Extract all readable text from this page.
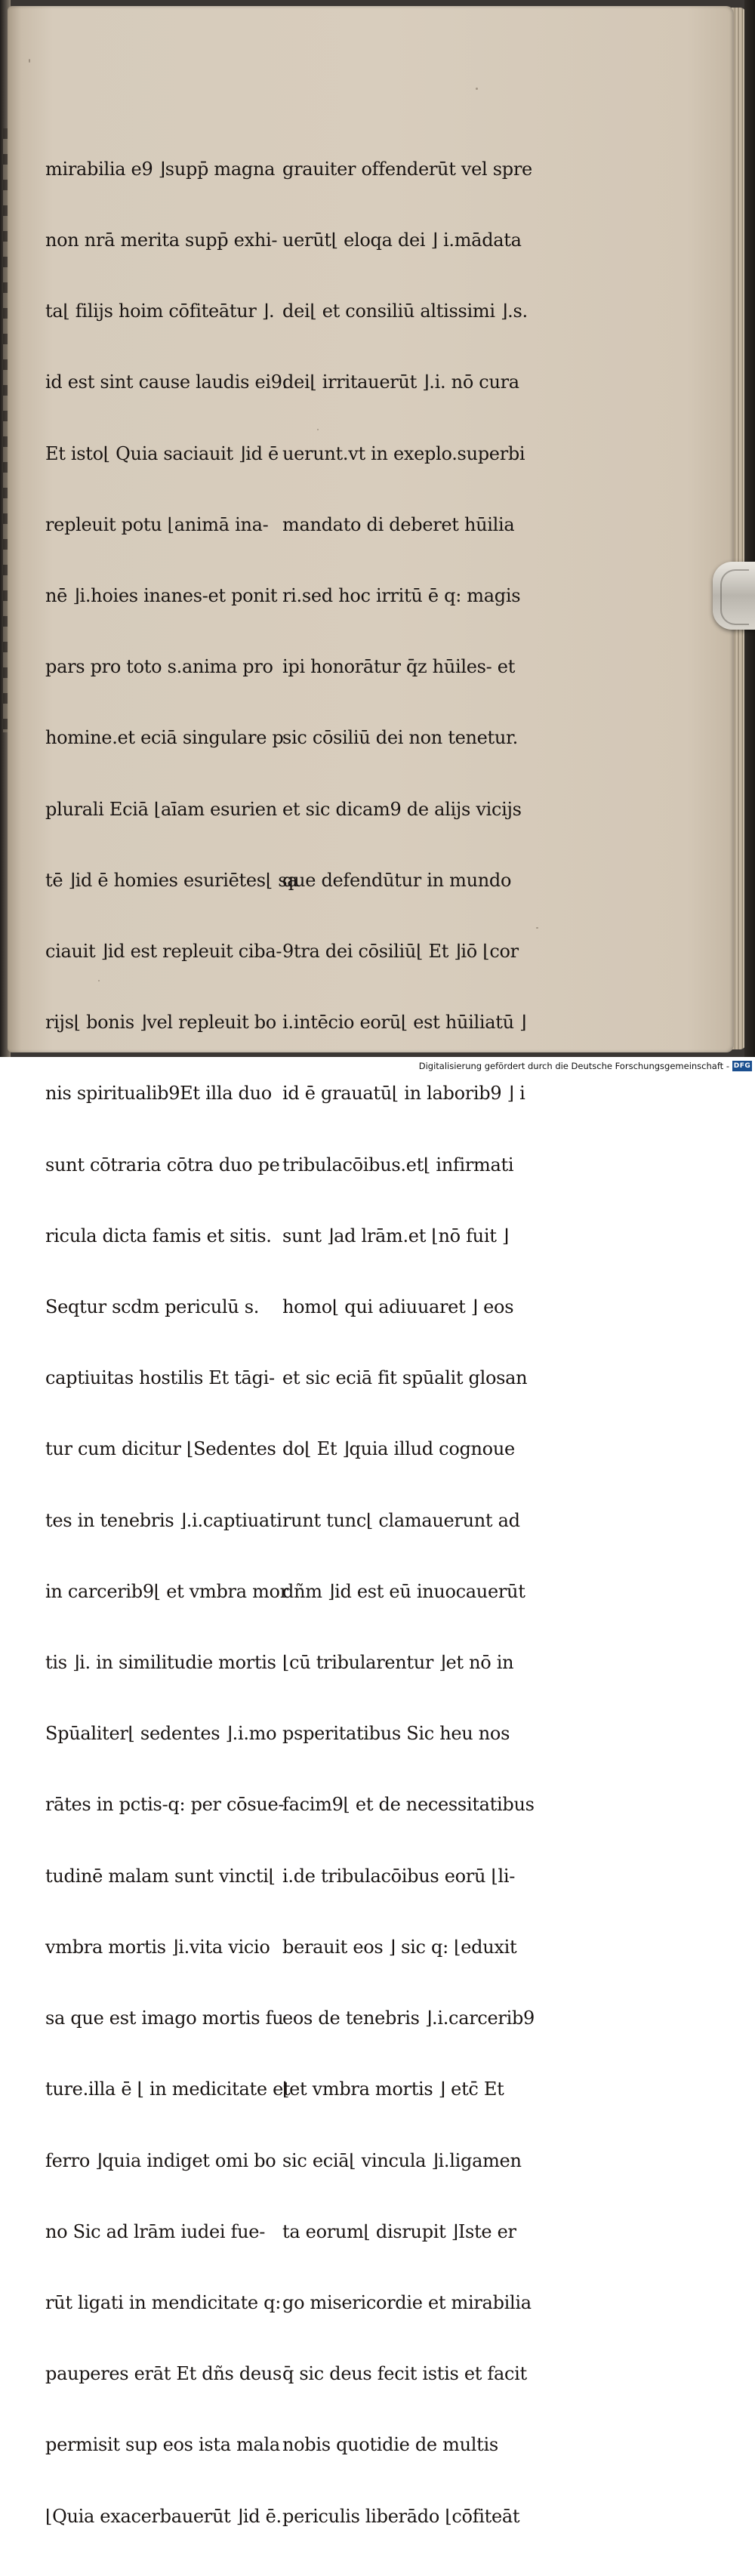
mirabilia e9 ⌋supp̄ magna

non nrā merita supp̄ exhi-

ta⌊ filijs hoim cōfiteātur ⌋.

id est sint cause laudis ei9.

Et isto⌊ Quia saciauit ⌋id ē

repleuit potu ⌊animā ina-

nē ⌋i.hoies inanes-et ponit

pars pro toto s.anima pro

homine.et eciā singulare p

plurali Eciā ⌊aīam esurien

tē ⌋id ē homies esuriētes⌊ sa

ciauit ⌋id est repleuit ciba-

rijs⌊ bonis ⌋vel repleuit bo

nis spiritualib9Et illa duo

sunt cōtraria cōtra duo pe

ricula dicta famis et sitis.

Seqtur scdm periculū s.

captiuitas hostilis Et tāgi-

tur cum dicitur ⌊Sedentes

tes in tenebris ⌋.i.captiuati

in carcerib9⌊ et vmbra mor

tis ⌋i. in similitudie mortis

Spūaliter⌊ sedentes ⌋.i.mo

rātes in pctis-q: per cōsue-

tudinē malam sunt vincti⌊

vmbra mortis ⌋i.vita vicio

sa que est imago mortis fu

ture.illa ē ⌊ in medicitate et

ferro ⌋quia indiget omi bo

no Sic ad lrām iudei fue-

rūt ligati in mendicitate q:

pauperes erāt Et dñs deus

permisit sup eos ista mala

⌊Quia exacerbauerūt ⌋id ē.

grauiter offenderūt vel spre

uerūt⌊ eloqa dei ⌋ i.mādata

dei⌊ et consiliū altissimi ⌋.s.

dei⌊ irritauerūt ⌋.i. nō cura

uerunt.vt in exeplo.superbi

mandato di deberet hūilia

ri.sed hoc irritū ē q: magis

ipi honorātur q̄z hūiles- et

sic cōsiliū dei non tenetur.

et sic dicam9 de alijs vicijs

que defendūtur in mundo

9tra dei cōsiliū⌊ Et ⌋iō ⌊cor

i.intēcio eorū⌊ est hūiliatū ⌋

id ē grauatū⌊ in laborib9 ⌋ i

tribulacōibus.et⌊ infirmati

sunt ⌋ad lrām.et ⌊nō fuit ⌋

homo⌊ qui adiuuaret ⌋ eos

et sic eciā fit spūalit glosan

do⌊ Et ⌋quia illud cognoue

runt tunc⌊ clamauerunt ad

dñm ⌋id est eū inuocauerūt

⌊cū tribularentur ⌋et nō in

psperitatibus Sic heu nos

facim9⌊ et de necessitatibus

i.de tribulacōibus eorū ⌊li-

berauit eos ⌋ sic q: ⌊eduxit

eos de tenebris ⌋.i.carcerib9

⌊et vmbra mortis ⌋ etc̄ Et

sic eciā⌊ vincula ⌋i.ligamen

ta eorum⌊ disrupit ⌋Iste er

go misericordie et mirabilia

q̄ sic deus fecit istis et facit

nobis quotidie de multis

periculis liberādo ⌊cōfiteāt

Digitalisierung gefördert durch die Deutsche Forschungsgemeinschaft - DFG
